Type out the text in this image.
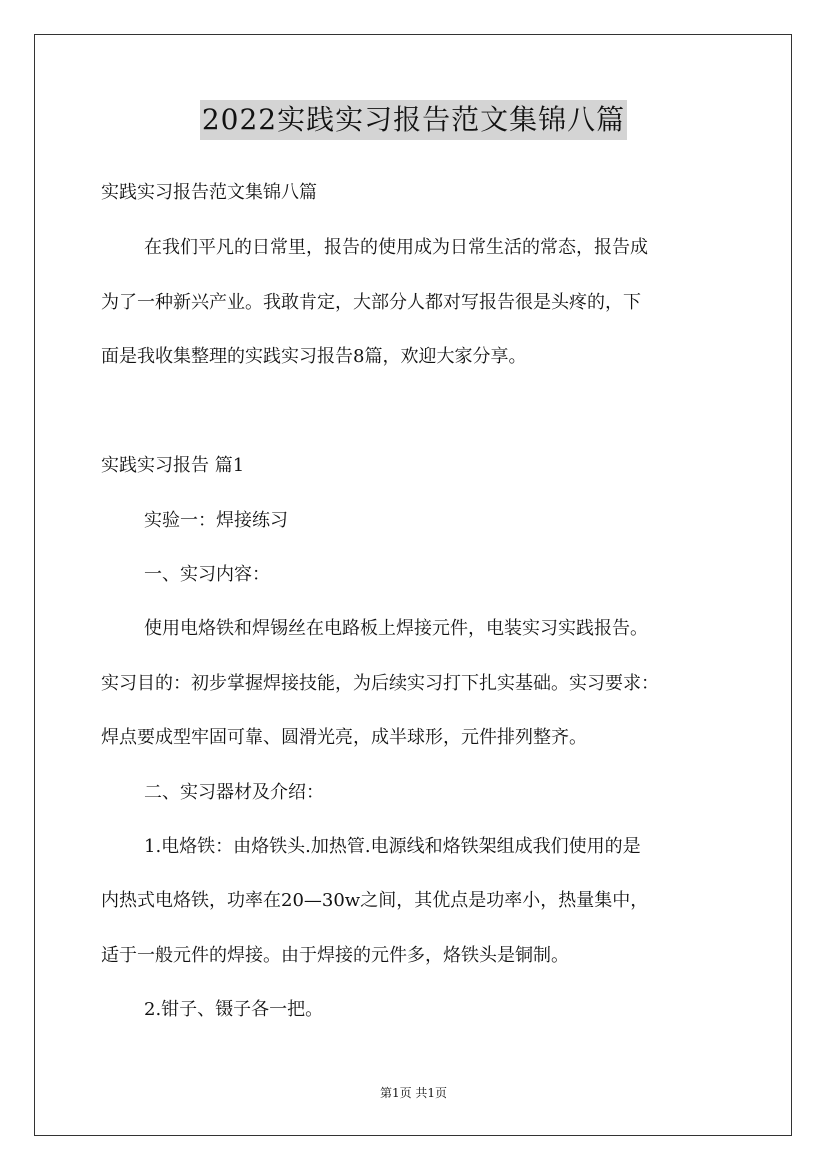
2022实践实习报告范文集锦八篇
实践实习报告范文集锦八篇
在我们平凡的日常里，报告的使用成为日常生活的常态，报告成
为了一种新兴产业。我敢肯定，大部分人都对写报告很是头疼的，下
面是我收集整理的实践实习报告8篇，欢迎大家分享。
实践实习报告 篇1
实验一：焊接练习
一、实习内容：
使用电烙铁和焊锡丝在电路板上焊接元件，电装实习实践报告。
实习目的：初步掌握焊接技能，为后续实习打下扎实基础。实习要求：
焊点要成型牢固可靠、圆滑光亮，成半球形，元件排列整齐。
二、实习器材及介绍：
1.电烙铁：由烙铁头.加热管.电源线和烙铁架组成我们使用的是
内热式电烙铁，功率在20—30w之间，其优点是功率小，热量集中，
适于一般元件的焊接。由于焊接的元件多，烙铁头是铜制。
2.钳子、镊子各一把。
第1页 共1页
